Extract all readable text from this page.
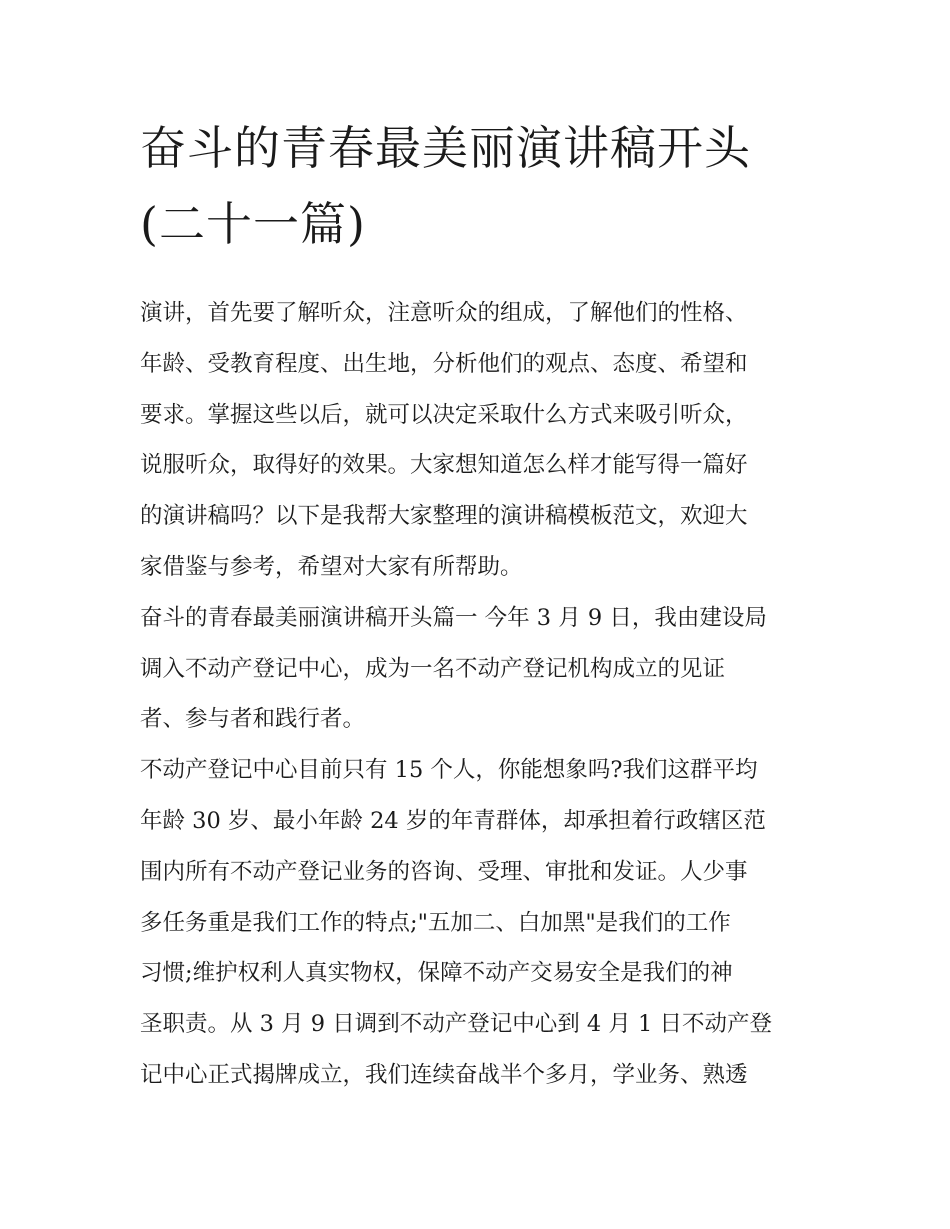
奋斗的青春最美丽演讲稿开头
(二十一篇)

演讲，首先要了解听众，注意听众的组成，了解他们的性格、
年龄、受教育程度、出生地，分析他们的观点、态度、希望和
要求。掌握这些以后，就可以决定采取什么方式来吸引听众，
说服听众，取得好的效果。大家想知道怎么样才能写得一篇好
的演讲稿吗？以下是我帮大家整理的演讲稿模板范文，欢迎大
家借鉴与参考，希望对大家有所帮助。

奋斗的青春最美丽演讲稿开头篇一 今年 3 月 9 日，我由建设局
调入不动产登记中心，成为一名不动产登记机构成立的见证
者、参与者和践行者。

不动产登记中心目前只有 15 个人，你能想象吗?我们这群平均
年龄 30 岁、最小年龄 24 岁的年青群体，却承担着行政辖区范
围内所有不动产登记业务的咨询、受理、审批和发证。人少事
多任务重是我们工作的特点;"五加二、白加黑"是我们的工作
习惯;维护权利人真实物权，保障不动产交易安全是我们的神
圣职责。从 3 月 9 日调到不动产登记中心到 4 月 1 日不动产登
记中心正式揭牌成立，我们连续奋战半个多月，学业务、熟透
